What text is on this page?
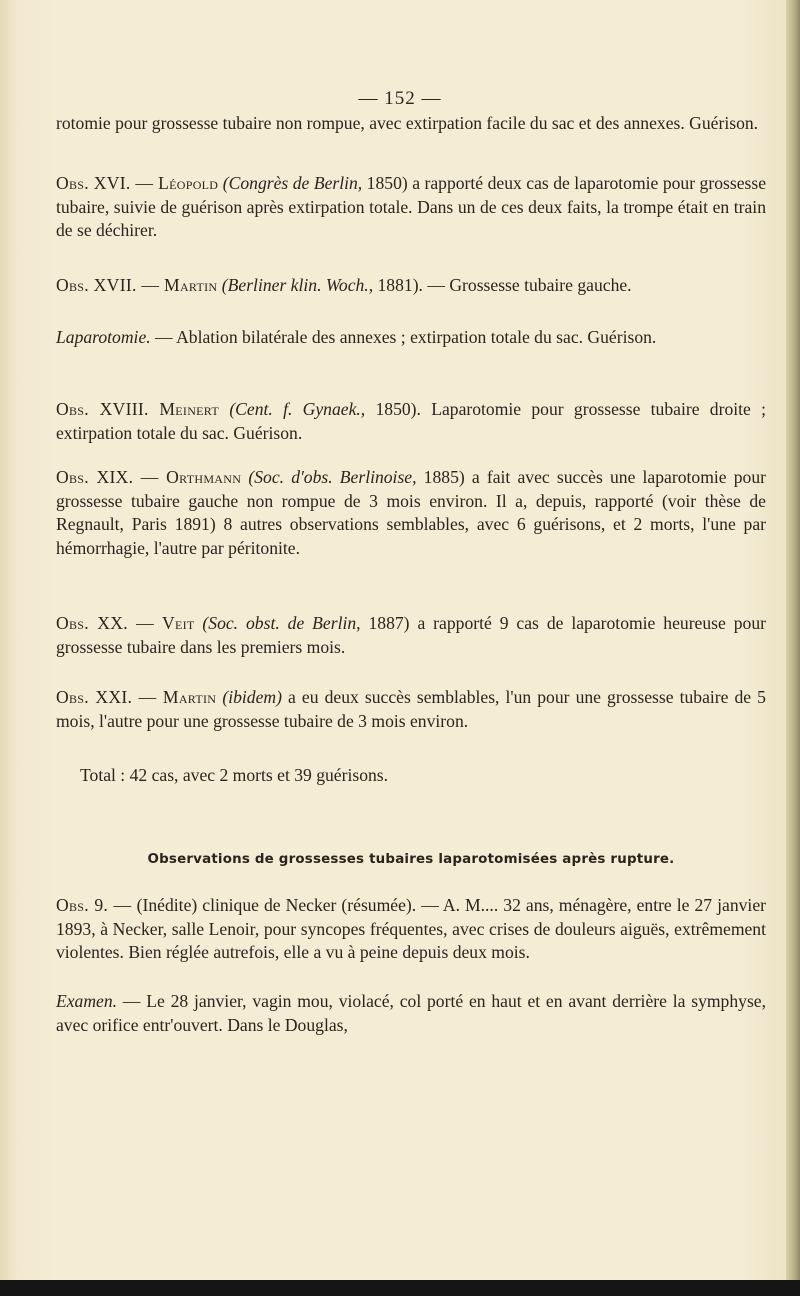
— 152 —

rotomie pour grossesse tubaire non rompue, avec extirpation facile du sac et des annexes. Guérison.

Obs. XVI. — Léopold (Congrès de Berlin, 1850) a rapporté deux cas de laparotomie pour grossesse tubaire, suivie de guérison après extirpation totale. Dans un de ces deux faits, la trompe était en train de se déchirer.

Obs. XVII. — Martin (Berliner klin. Woch., 1881). — Grossesse tubaire gauche.

Laparotomie. — Ablation bilatérale des annexes ; extirpation totale du sac. Guérison.

Obs. XVIII. Meinert (Cent. f. Gynaek., 1850). Laparotomie pour grossesse tubaire droite ; extirpation totale du sac. Guérison.

Obs. XIX. — Orthmann (Soc. d'obs. Berlinoise, 1885) a fait avec succès une laparotomie pour grossesse tubaire gauche non rompue de 3 mois environ. Il a, depuis, rapporté (voir thèse de Regnault, Paris 1891) 8 autres observations semblables, avec 6 guérisons, et 2 morts, l'une par hémorrhagie, l'autre par péritonite.

Obs. XX. — Veit (Soc. obst. de Berlin, 1887) a rapporté 9 cas de laparotomie heureuse pour grossesse tubaire dans les premiers mois.

Obs. XXI. — Martin (ibidem) a eu deux succès semblables, l'un pour une grossesse tubaire de 5 mois, l'autre pour une grossesse tubaire de 3 mois environ.

Total : 42 cas, avec 2 morts et 39 guérisons.

Observations de grossesses tubaires laparotomisées après rupture.

Obs. 9. — (Inédite) clinique de Necker (résumée). — A. M.... 32 ans, ménagère, entre le 27 janvier 1893, à Necker, salle Lenoir, pour syncopes fréquentes, avec crises de douleurs aiguës, extrêmement violentes. Bien réglée autrefois, elle a vu à peine depuis deux mois.

Examen. — Le 28 janvier, vagin mou, violacé, col porté en haut et en avant derrière la symphyse, avec orifice entr'ouvert. Dans le Douglas,
